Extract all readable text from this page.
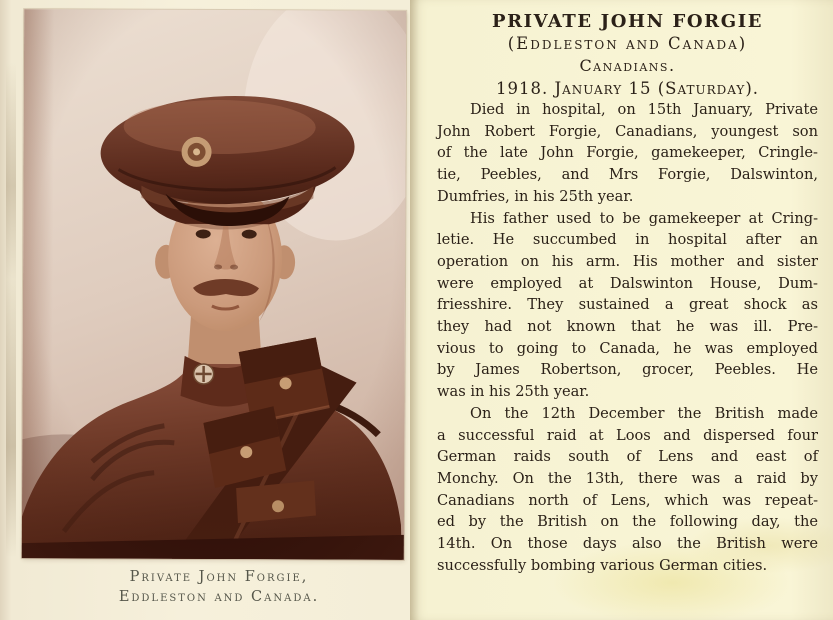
Private John Forgie,
Eddleston and Canada.
PRIVATE JOHN FORGIE
(Eddleston and Canada)
Canadians.
1918. January 15 (Saturday).
Died in hospital, on 15th January, Private
John Robert Forgie, Canadians, youngest son
of the late John Forgie, gamekeeper, Cringle-
tie, Peebles, and Mrs Forgie, Dalswinton,
Dumfries, in his 25th year.
His father used to be gamekeeper at Cring-
letie. He succumbed in hospital after an
operation on his arm. His mother and sister
were employed at Dalswinton House, Dum-
friesshire. They sustained a great shock as
they had not known that he was ill. Pre-
vious to going to Canada, he was employed
by James Robertson, grocer, Peebles. He
was in his 25th year.
On the 12th December the British made
a successful raid at Loos and dispersed four
German raids south of Lens and east of
Monchy. On the 13th, there was a raid by
Canadians north of Lens, which was repeat-
ed by the British on the following day, the
14th. On those days also the British were
successfully bombing various German cities.
